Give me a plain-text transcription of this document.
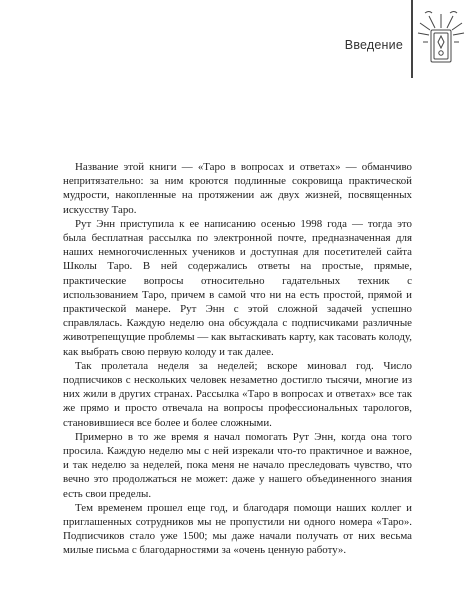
Введение

Название этой книги — «Таро в вопросах и ответах» — обманчиво непритязательно: за ним кроются подлинные сокровища практической мудрости, накопленные на протяжении аж двух жизней, посвященных искусству Таро.

Рут Энн приступила к ее написанию осенью 1998 года — тогда это была бесплатная рассылка по электронной почте, предназначенная для наших немногочисленных учеников и доступная для посетителей сайта Школы Таро. В ней содержались ответы на простые, прямые, практические вопросы относительно гадательных техник с использованием Таро, причем в самой что ни на есть простой, прямой и практической манере. Рут Энн с этой сложной задачей успешно справлялась. Каждую неделю она обсуждала с подписчиками различные животрепещущие проблемы — как вытаскивать карту, как тасовать колоду, как выбрать свою первую колоду и так далее.

Так пролетала неделя за неделей; вскоре миновал год. Число подписчиков с нескольких человек незаметно достигло тысячи, многие из них жили в других странах. Рассылка «Таро в вопросах и ответах» все так же прямо и просто отвечала на вопросы профессиональных тарологов, становившиеся все более и более сложными.

Примерно в то же время я начал помогать Рут Энн, когда она того просила. Каждую неделю мы с ней изрекали что-то практичное и важное, и так неделю за неделей, пока меня не начало преследовать чувство, что вечно это продолжаться не может: даже у нашего объединенного знания есть свои пределы.

Тем временем прошел еще год, и благодаря помощи наших коллег и приглашенных сотрудников мы не пропустили ни одного номера «Таро». Подписчиков стало уже 1500; мы даже начали получать от них весьма милые письма с благодарностями за «очень ценную работу».
